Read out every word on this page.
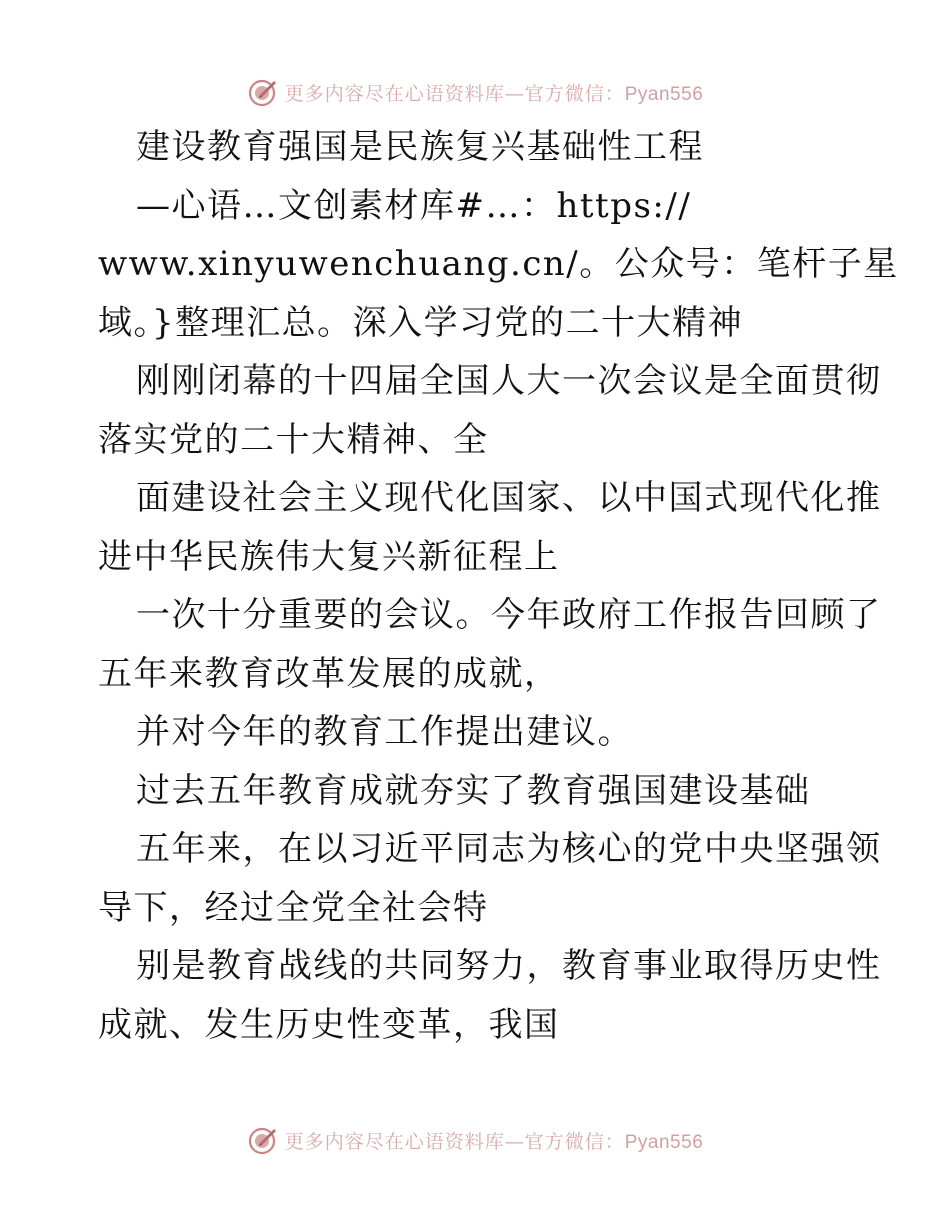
更多内容尽在心语资料库—官方微信：Pyan556
建设教育强国是民族复兴基础性工程
—心语…文创素材库#…：https://
www.xinyuwenchuang.cn/。公众号：笔杆子星
域。}整理汇总。深入学习党的二十大精神
刚刚闭幕的十四届全国人大一次会议是全面贯彻
落实党的二十大精神、全
面建设社会主义现代化国家、以中国式现代化推
进中华民族伟大复兴新征程上
一次十分重要的会议。今年政府工作报告回顾了
五年来教育改革发展的成就，
并对今年的教育工作提出建议。
过去五年教育成就夯实了教育强国建设基础
五年来，在以习近平同志为核心的党中央坚强领
导下，经过全党全社会特
别是教育战线的共同努力，教育事业取得历史性
成就、发生历史性变革，我国
更多内容尽在心语资料库—官方微信：Pyan556
